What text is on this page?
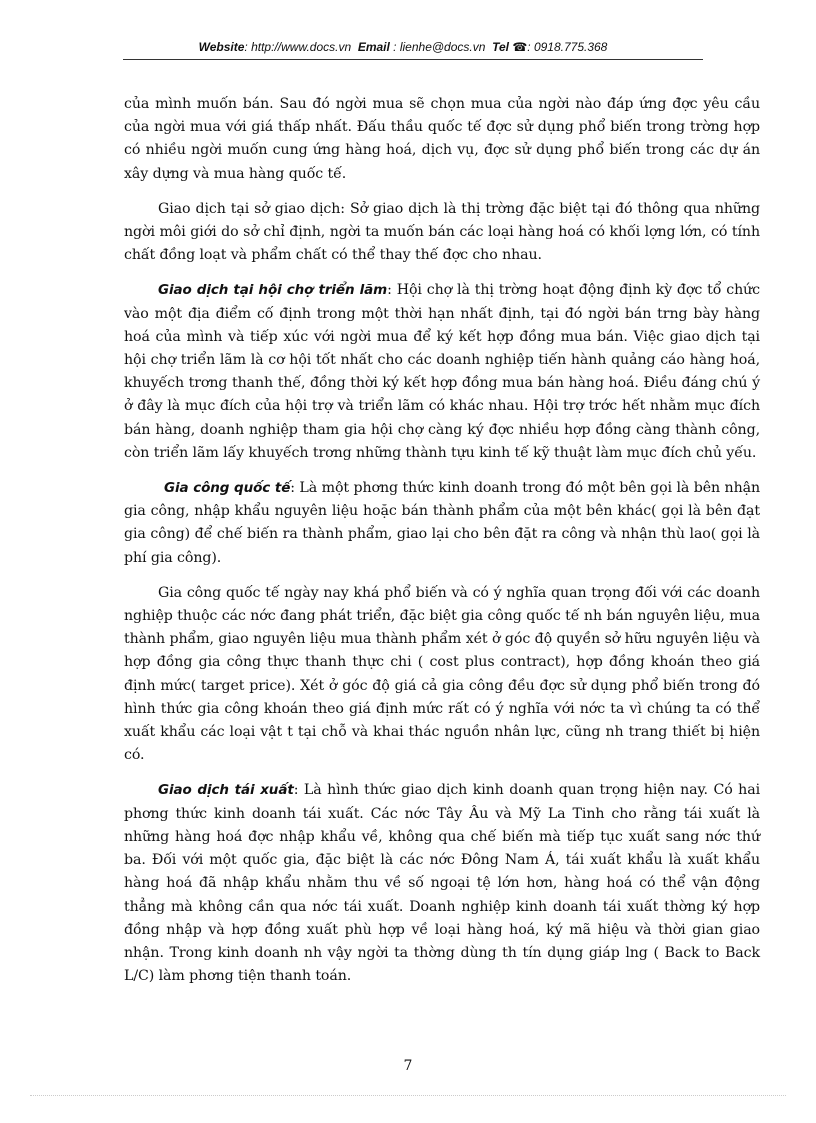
Website: http://www.docs.vn Email : lienhe@docs.vn Tel ☎: 0918.775.368

của mình muốn bán. Sau đó ngời mua sẽ chọn mua của ngời nào đáp ứng đợc yêu cầu của ngời mua với giá thấp nhất. Đấu thầu quốc tế đợc sử dụng phổ biến trong trờng hợp có nhiều ngời muốn cung ứng hàng hoá, dịch vụ, đợc sử dụng phổ biến trong các dự án xây dựng và mua hàng quốc tế.

Giao dịch tại sở giao dịch: Sở giao dịch là thị trờng đặc biệt tại đó thông qua những ngời môi giới do sở chỉ định, ngời ta muốn bán các loại hàng hoá có khối lợng lớn, có tính chất đồng loạt và phẩm chất có thể thay thế đợc cho nhau.

Giao dịch tại hội chợ triển lãm: Hội chợ là thị trờng hoạt động định kỳ đợc tổ chức vào một địa điểm cố định trong một thời hạn nhất định, tại đó ngời bán trng bày hàng hoá của mình và tiếp xúc với ngời mua để ký kết hợp đồng mua bán. Việc giao dịch tại hội chợ triển lãm là cơ hội tốt nhất cho các doanh nghiệp tiến hành quảng cáo hàng hoá, khuyếch trơng thanh thế, đồng thời ký kết hợp đồng mua bán hàng hoá. Điều đáng chú ý ở đây là mục đích của hội trợ và triển lãm có khác nhau. Hội trợ trớc hết nhằm mục đích bán hàng, doanh nghiệp tham gia hội chợ càng ký đợc nhiều hợp đồng càng thành công, còn triển lãm lấy khuyếch trơng những thành tựu kinh tế kỹ thuật làm mục đích chủ yếu.

Gia công quốc tế: Là một phơng thức kinh doanh trong đó một bên gọi là bên nhận gia công, nhập khẩu nguyên liệu hoặc bán thành phẩm của một bên khác( gọi là bên đạt gia công) để chế biến ra thành phẩm, giao lại cho bên đặt ra công và nhận thù lao( gọi là phí gia công).

Gia công quốc tế ngày nay khá phổ biến và có ý nghĩa quan trọng đối với các doanh nghiệp thuộc các nớc đang phát triển, đặc biệt gia công quốc tế nh bán nguyên liệu, mua thành phẩm, giao nguyên liệu mua thành phẩm xét ở góc độ quyền sở hữu nguyên liệu và hợp đồng gia công thực thanh thực chi ( cost plus contract), hợp đồng khoán theo giá định mức( target price). Xét ở góc độ giá cả gia công đều đợc sử dụng phổ biến trong đó hình thức gia công khoán theo giá định mức rất có ý nghĩa với nớc ta vì chúng ta có thể xuất khẩu các loại vật t tại chỗ và khai thác nguồn nhân lực, cũng nh trang thiết bị hiện có.

Giao dịch tái xuất: Là hình thức giao dịch kinh doanh quan trọng hiện nay. Có hai phơng thức kinh doanh tái xuất. Các nớc Tây Âu và Mỹ La Tinh cho rằng tái xuất là những hàng hoá đợc nhập khẩu về, không qua chế biến mà tiếp tục xuất sang nớc thứ ba. Đối với một quốc gia, đặc biệt là các nớc Đông Nam Á, tái xuất khẩu là xuất khẩu hàng hoá đã nhập khẩu nhằm thu về số ngoại tệ lớn hơn, hàng hoá có thể vận động thẳng mà không cần qua nớc tái xuất. Doanh nghiệp kinh doanh tái xuất thờng ký hợp đồng nhập và hợp đồng xuất phù hợp về loại hàng hoá, ký mã hiệu và thời gian giao nhận. Trong kinh doanh nh vậy ngời ta thờng dùng th tín dụng giáp lng ( Back to Back L/C) làm phơng tiện thanh toán.

7
